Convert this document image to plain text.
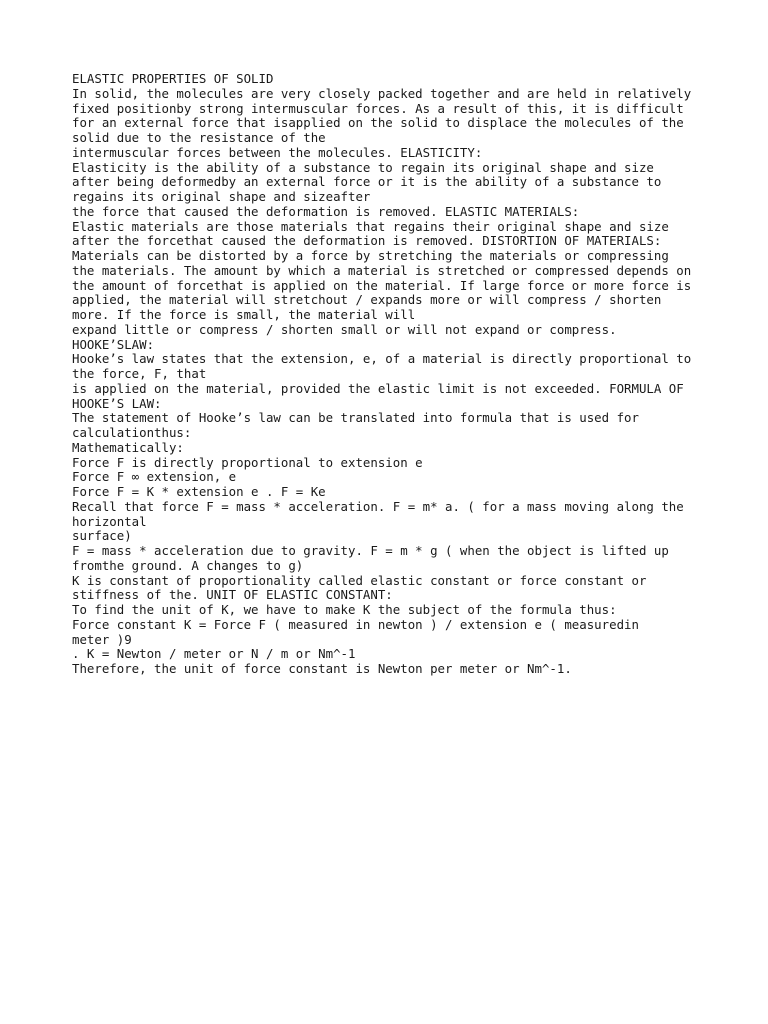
ELASTIC PROPERTIES OF SOLID
In solid, the molecules are very closely packed together and are held in relatively
fixed positionby strong intermuscular forces. As a result of this, it is difficult
for an external force that isapplied on the solid to displace the molecules of the
solid due to the resistance of the
intermuscular forces between the molecules. ELASTICITY:
Elasticity is the ability of a substance to regain its original shape and size
after being deformedby an external force or it is the ability of a substance to
regains its original shape and sizeafter
the force that caused the deformation is removed. ELASTIC MATERIALS:
Elastic materials are those materials that regains their original shape and size
after the forcethat caused the deformation is removed. DISTORTION OF MATERIALS:
Materials can be distorted by a force by stretching the materials or compressing
the materials. The amount by which a material is stretched or compressed depends on
the amount of forcethat is applied on the material. If large force or more force is
applied, the material will stretchout / expands more or will compress / shorten
more. If the force is small, the material will
expand little or compress / shorten small or will not expand or compress.
HOOKE’SLAW:
Hooke’s law states that the extension, e, of a material is directly proportional to
the force, F, that
is applied on the material, provided the elastic limit is not exceeded. FORMULA OF
HOOKE’S LAW:
The statement of Hooke’s law can be translated into formula that is used for
calculationthus:
Mathematically:
Force F is directly proportional to extension e
Force F ∞ extension, e
Force F = K * extension e . F = Ke
Recall that force F = mass * acceleration. F = m* a. ( for a mass moving along the
horizontal
surface)
F = mass * acceleration due to gravity. F = m * g ( when the object is lifted up
fromthe ground. A changes to g)
K is constant of proportionality called elastic constant or force constant or
stiffness of the. UNIT OF ELASTIC CONSTANT:
To find the unit of K, we have to make K the subject of the formula thus:
Force constant K = Force F ( measured in newton ) / extension e ( measuredin
meter )9
. K = Newton / meter or N / m or Nm^-1
Therefore, the unit of force constant is Newton per meter or Nm^-1.
